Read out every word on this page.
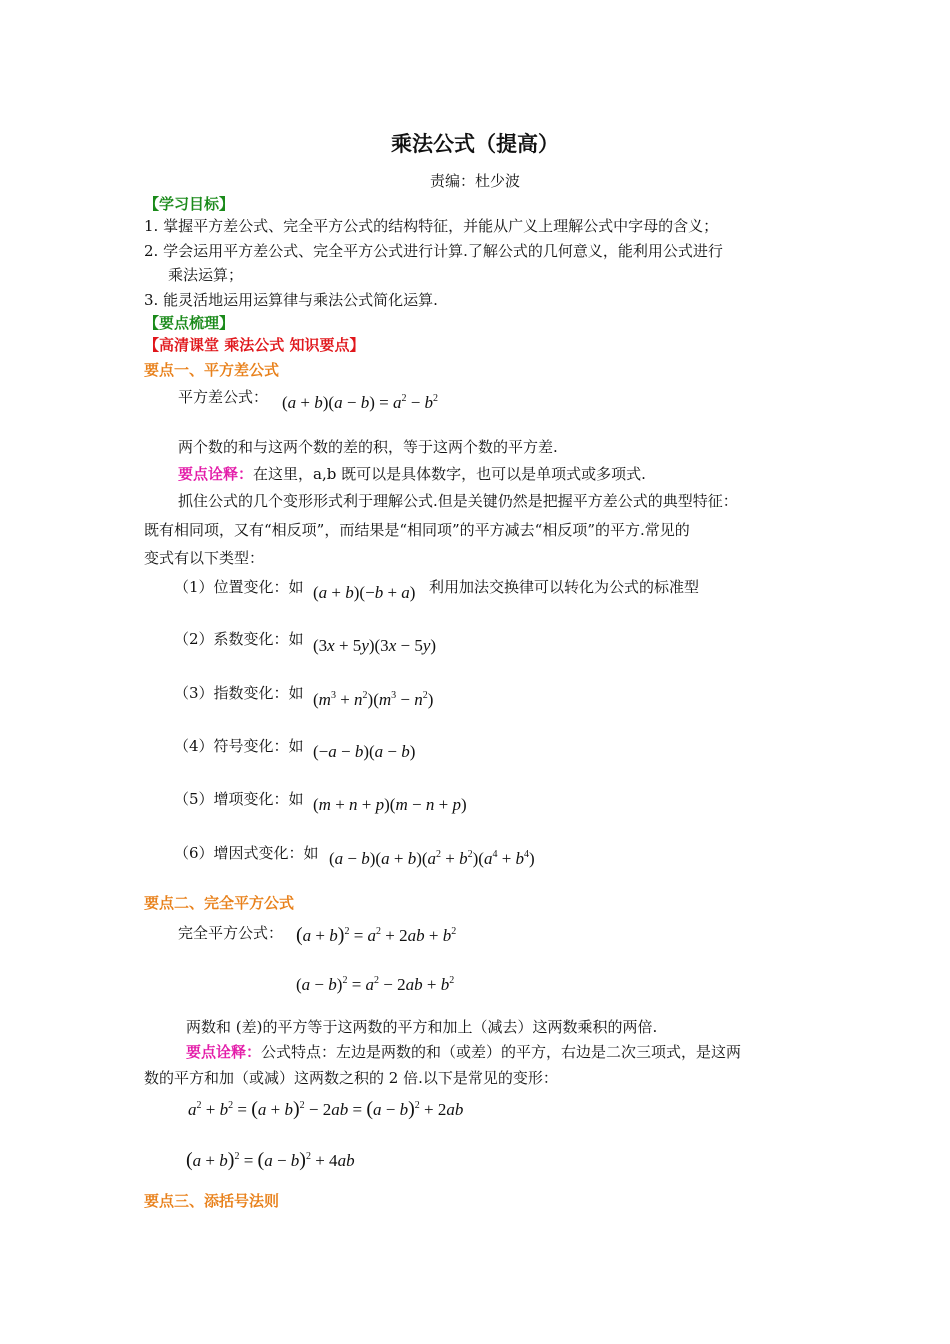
乘法公式（提高）
责编：杜少波
【学习目标】
1. 掌握平方差公式、完全平方公式的结构特征，并能从广义上理解公式中字母的含义；
2. 学会运用平方差公式、完全平方公式进行计算.了解公式的几何意义，能利用公式进行
乘法运算；
3. 能灵活地运用运算律与乘法公式简化运算.
【要点梳理】
【高清课堂 乘法公式 知识要点】
要点一、平方差公式
平方差公式： $(a + b)(a - b) = a^2 - b^2$
两个数的和与这两个数的差的积，等于这两个数的平方差.
要点诠释：在这里，a,b 既可以是具体数字，也可以是单项式或多项式.
抓住公式的几个变形形式利于理解公式.但是关键仍然是把握平方差公式的典型特征：
既有相同项，又有“相反项”，而结果是“相同项”的平方减去“相反项”的平方.常见的
变式有以下类型：
（1）位置变化：如 (a + b)(−b + a) 利用加法交换律可以转化为公式的标准型
（2）系数变化：如 (3x + 5y)(3x − 5y)
（3）指数变化：如 $(m^3 + n^2)(m^3 - n^2)$
（4）符号变化：如 (−a − b)(a − b)
（5）增项变化：如 (m + n + p)(m − n + p)
（6）增因式变化：如 $(a - b)(a + b)(a^2 + b^2)(a^4 + b^4)$
要点二、完全平方公式
完全平方公式： $(a + b)^2 = a^2 + 2ab + b^2$
$(a - b)^2 = a^2 - 2ab + b^2$
两数和 (差)的平方等于这两数的平方和加上（减去）这两数乘积的两倍.
要点诠释：公式特点：左边是两数的和（或差）的平方，右边是二次三项式，是这两
数的平方和加（或减）这两数之积的 2 倍.以下是常见的变形：
$a^2 + b^2 = (a + b)^2 - 2ab = (a - b)^2 + 2ab$
$(a + b)^2 = (a - b)^2 + 4ab$
要点三、添括号法则
